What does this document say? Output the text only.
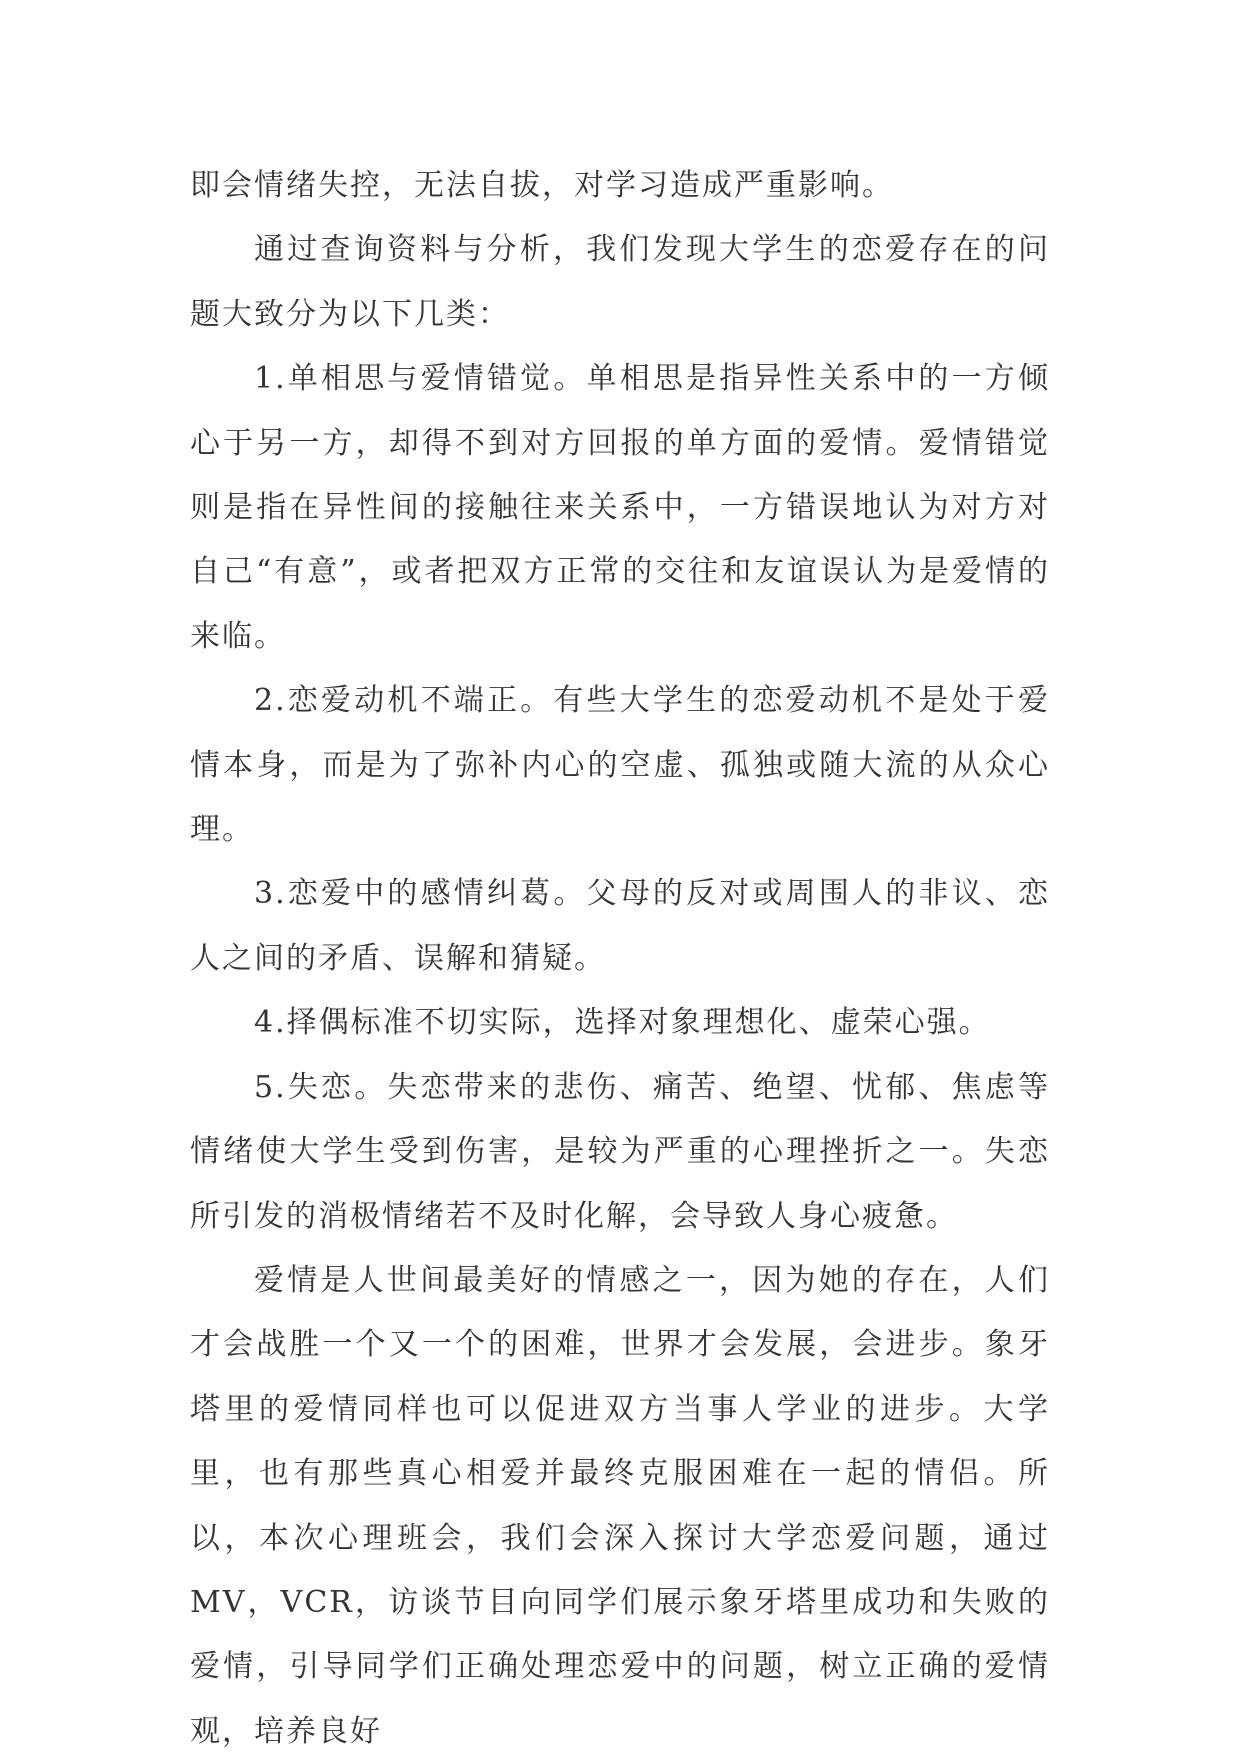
即会情绪失控，无法自拔，对学习造成严重影响。

通过查询资料与分析，我们发现大学生的恋爱存在的问题大致分为以下几类：

1.单相思与爱情错觉。单相思是指异性关系中的一方倾心于另一方，却得不到对方回报的单方面的爱情。爱情错觉则是指在异性间的接触往来关系中，一方错误地认为对方对自己“有意”，或者把双方正常的交往和友谊误认为是爱情的来临。

2.恋爱动机不端正。有些大学生的恋爱动机不是处于爱情本身，而是为了弥补内心的空虚、孤独或随大流的从众心理。

3.恋爱中的感情纠葛。父母的反对或周围人的非议、恋人之间的矛盾、误解和猜疑。

4.择偶标准不切实际，选择对象理想化、虚荣心强。

5.失恋。失恋带来的悲伤、痛苦、绝望、忧郁、焦虑等情绪使大学生受到伤害，是较为严重的心理挫折之一。失恋所引发的消极情绪若不及时化解，会导致人身心疲惫。

爱情是人世间最美好的情感之一，因为她的存在，人们才会战胜一个又一个的困难，世界才会发展，会进步。象牙塔里的爱情同样也可以促进双方当事人学业的进步。大学里，也有那些真心相爱并最终克服困难在一起的情侣。所以，本次心理班会，我们会深入探讨大学恋爱问题，通过MV，VCR，访谈节目向同学们展示象牙塔里成功和失败的爱情，引导同学们正确处理恋爱中的问题，树立正确的爱情观，培养良好
